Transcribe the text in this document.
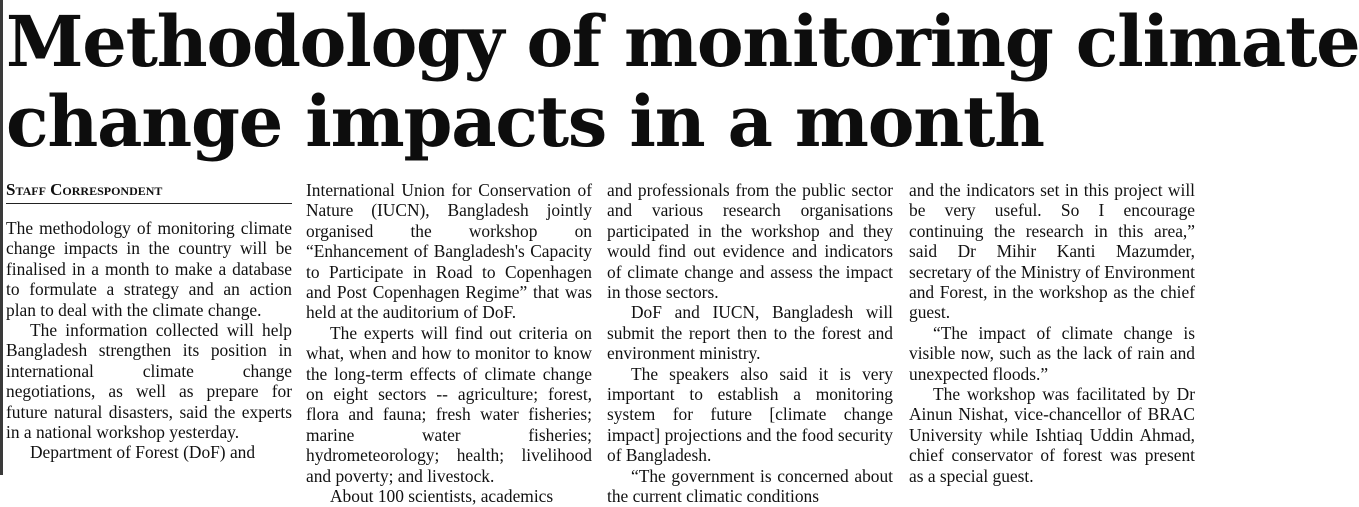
Methodology of monitoring climate
change impacts in a month
Staff Correspondent

The methodology of monitoring climate change impacts in the country will be finalised in a month to make a database to formulate a strategy and an action plan to deal with the climate change.

The information collected will help Bangladesh strengthen its position in international climate change negotiations, as well as prepare for future natural disasters, said the experts in a national workshop yesterday.

Department of Forest (DoF) and

International Union for Conservation of Nature (IUCN), Bangladesh jointly organised the workshop on “Enhancement of Bangladesh's Capacity to Participate in Road to Copenhagen and Post Copenhagen Regime” that was held at the auditorium of DoF.

The experts will find out criteria on what, when and how to monitor to know the long-term effects of climate change on eight sectors -- agriculture; forest, flora and fauna; fresh water fisheries; marine water fisheries; hydrometeorology; health; livelihood and poverty; and livestock.

About 100 scientists, academics

and professionals from the public sector and various research organisations participated in the workshop and they would find out evidence and indicators of climate change and assess the impact in those sectors.

DoF and IUCN, Bangladesh will submit the report then to the forest and environment ministry.

The speakers also said it is very important to establish a monitoring system for future [climate change impact] projections and the food security of Bangladesh.

“The government is concerned about the current climatic conditions

and the indicators set in this project will be very useful. So I encourage continuing the research in this area,” said Dr Mihir Kanti Mazumder, secretary of the Ministry of Environment and Forest, in the workshop as the chief guest.

“The impact of climate change is visible now, such as the lack of rain and unexpected floods.”

The workshop was facilitated by Dr Ainun Nishat, vice-chancellor of BRAC University while Ishtiaq Uddin Ahmad, chief conservator of forest was present as a special guest.
